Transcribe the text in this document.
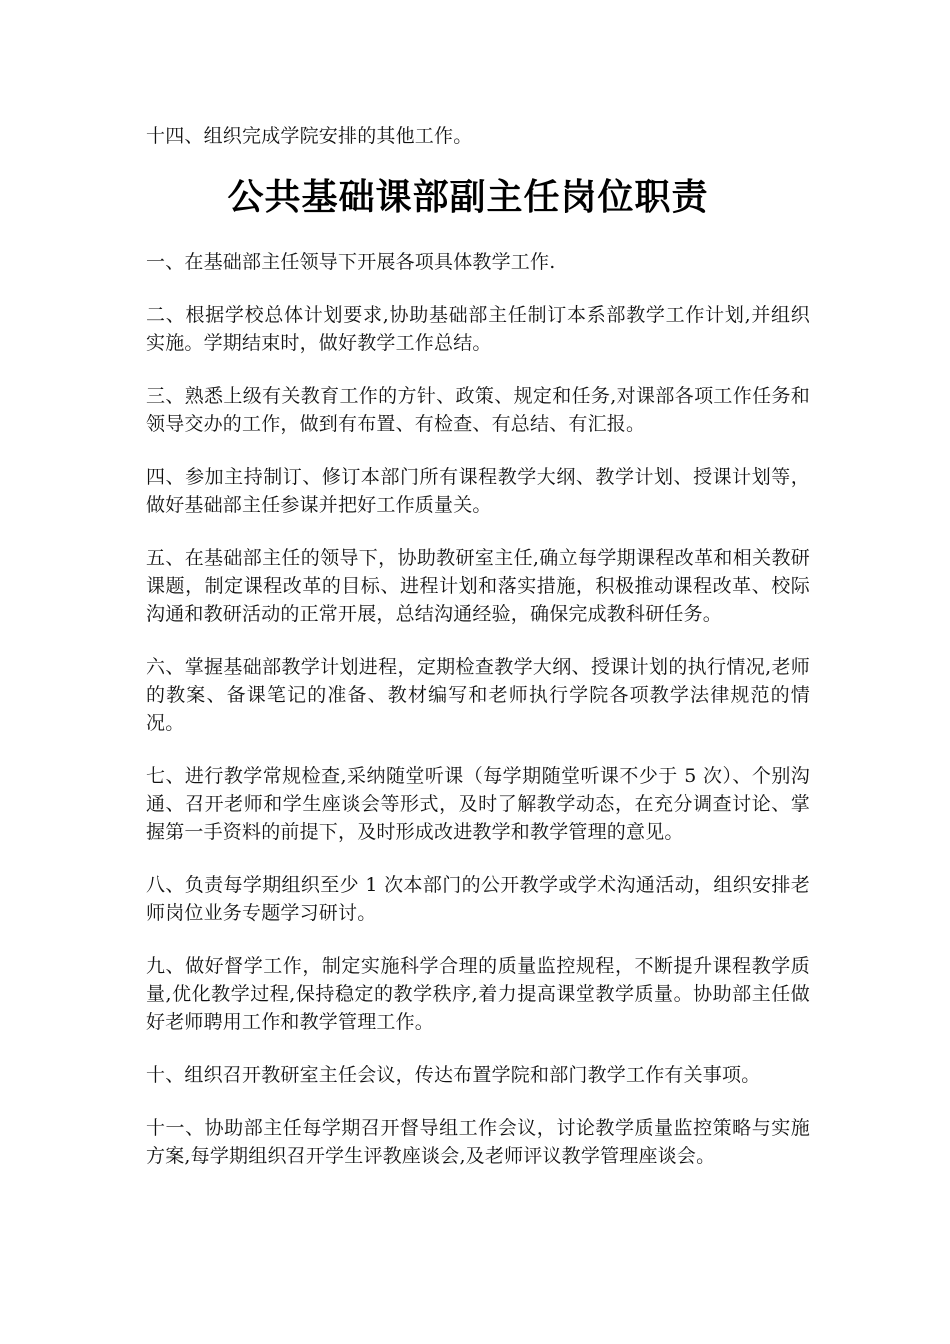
十四、组织完成学院安排的其他工作。

公共基础课部副主任岗位职责

一、在基础部主任领导下开展各项具体教学工作.

二、根据学校总体计划要求,协助基础部主任制订本系部教学工作计划,并组织实施。学期结束时，做好教学工作总结。

三、熟悉上级有关教育工作的方针、政策、规定和任务,对课部各项工作任务和领导交办的工作，做到有布置、有检查、有总结、有汇报。

四、参加主持制订、修订本部门所有课程教学大纲、教学计划、授课计划等，做好基础部主任参谋并把好工作质量关。

五、在基础部主任的领导下，协助教研室主任,确立每学期课程改革和相关教研课题，制定课程改革的目标、进程计划和落实措施，积极推动课程改革、校际沟通和教研活动的正常开展，总结沟通经验，确保完成教科研任务。

六、掌握基础部教学计划进程，定期检查教学大纲、授课计划的执行情况,老师的教案、备课笔记的准备、教材编写和老师执行学院各项教学法律规范的情况。

七、进行教学常规检查,采纳随堂听课（每学期随堂听课不少于 5 次）、个别沟通、召开老师和学生座谈会等形式，及时了解教学动态，在充分调查讨论、掌握第一手资料的前提下，及时形成改进教学和教学管理的意见。

八、负责每学期组织至少 1 次本部门的公开教学或学术沟通活动，组织安排老师岗位业务专题学习研讨。

九、做好督学工作，制定实施科学合理的质量监控规程，不断提升课程教学质量,优化教学过程,保持稳定的教学秩序,着力提高课堂教学质量。协助部主任做好老师聘用工作和教学管理工作。

十、组织召开教研室主任会议，传达布置学院和部门教学工作有关事项。

十一、协助部主任每学期召开督导组工作会议，讨论教学质量监控策略与实施方案,每学期组织召开学生评教座谈会,及老师评议教学管理座谈会。
